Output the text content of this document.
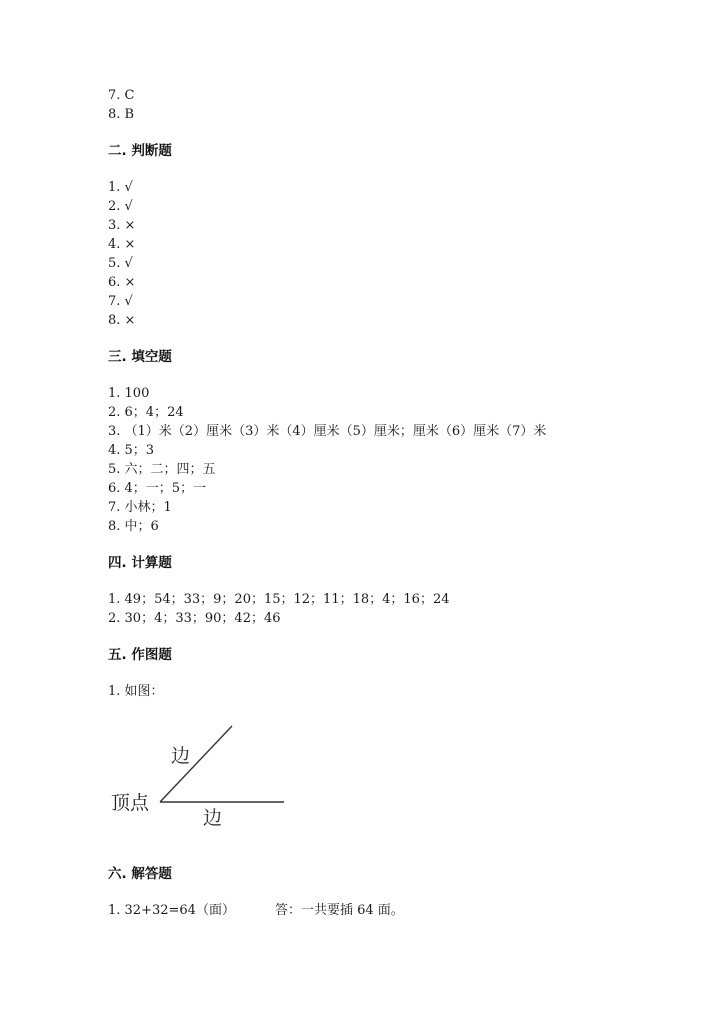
7. C
8. B
二. 判断题
1. √
2. √
3. ×
4. ×
5. √
6. ×
7. √
8. ×
三. 填空题
1. 100
2. 6；4；24
3. （1）米（2）厘米（3）米（4）厘米（5）厘米；厘米（6）厘米（7）米
4. 5；3
5. 六；二；四；五
6. 4；一；5；一
7. 小林；1
8. 中；6
四. 计算题
1. 49；54；33；9；20；15；12；11；18；4；16；24
2. 30；4；33；90；42；46
五. 作图题
1. 如图：
边
顶点
边
六. 解答题
1. 32+32=64（面）	答：一共要插 64 面。
